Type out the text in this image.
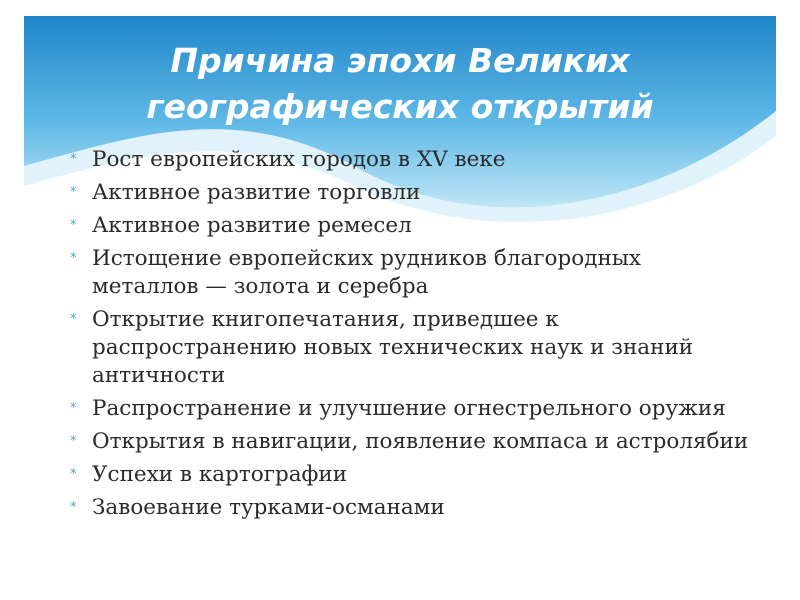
Причина эпохи Великих
географических открытий
* Рост европейских городов в XV веке
* Активное развитие торговли
* Активное развитие ремесел
* Истощение европейских рудников благородных металлов — золота и серебра
* Открытие книгопечатания, приведшее к распространению новых технических наук и знаний античности
* Распространение и улучшение огнестрельного оружия
* Открытия в навигации, появление компаса и астролябии
* Успехи в картографии
* Завоевание турками-османами
